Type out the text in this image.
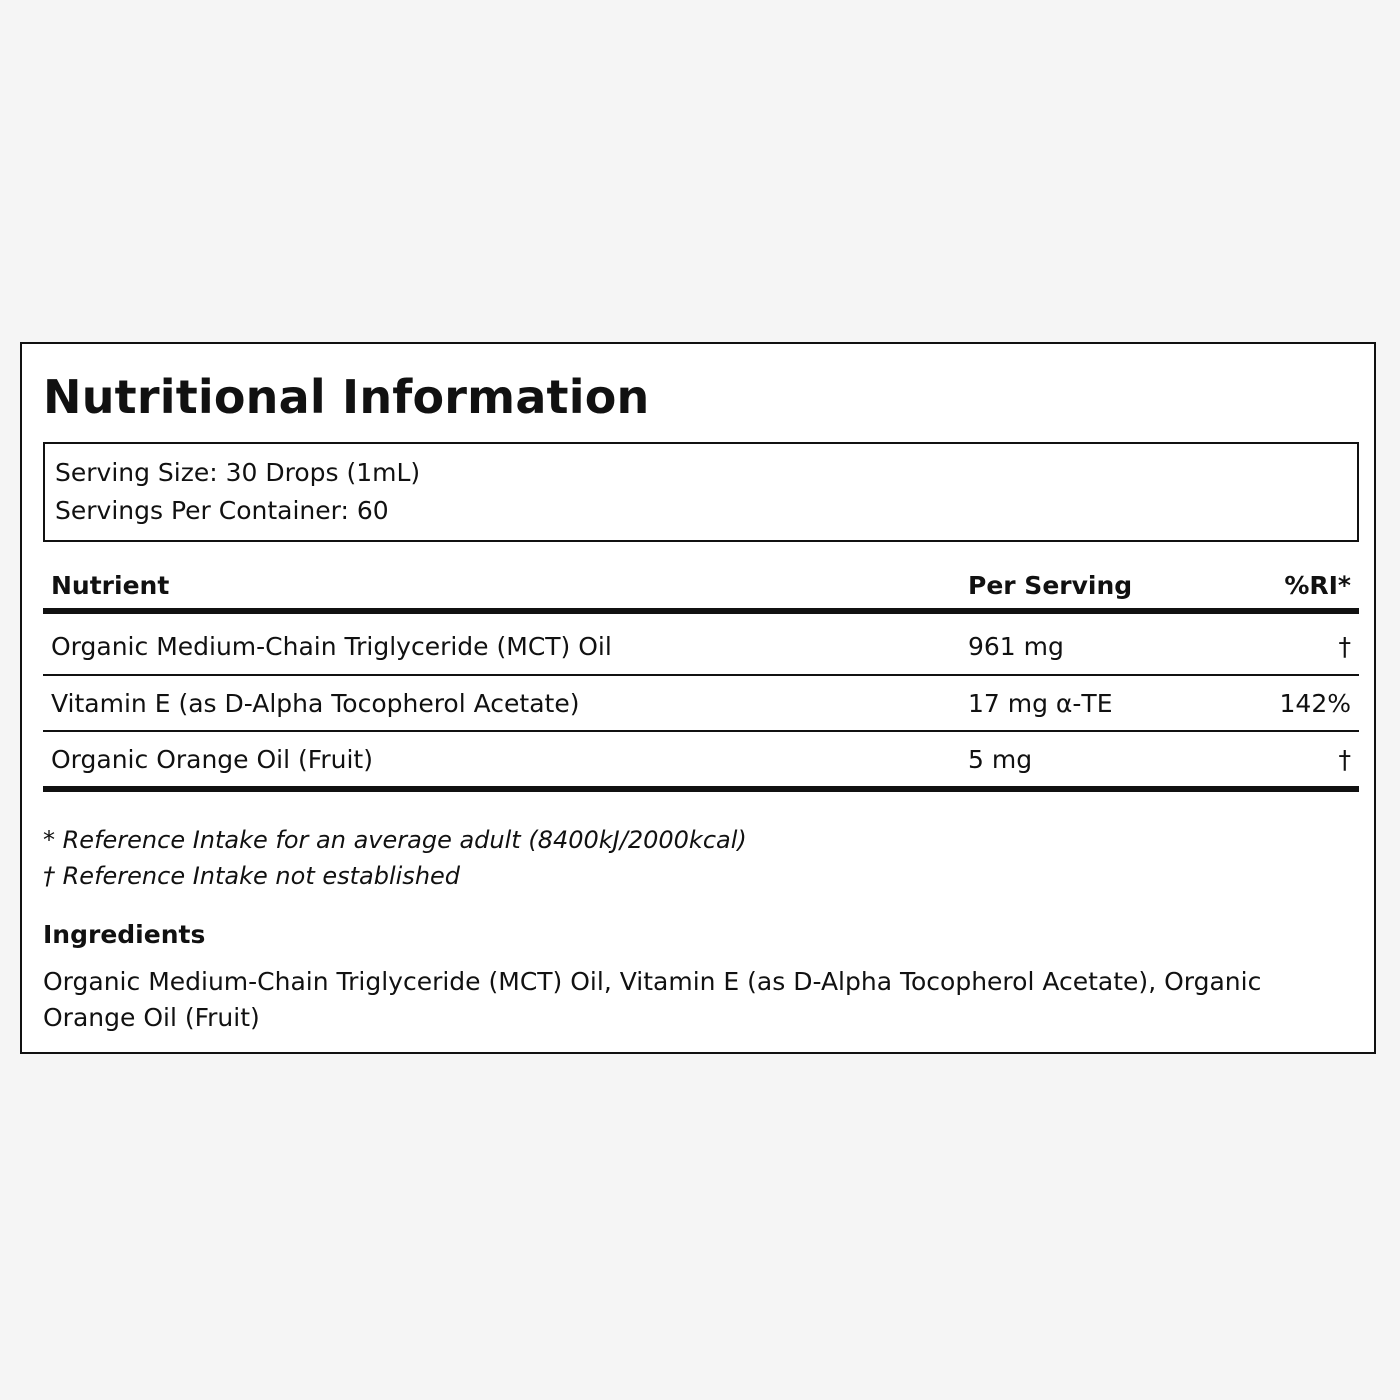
Nutritional Information
Serving Size: 30 Drops (1mL)
Servings Per Container: 60
Nutrient	Per Serving	%RI*
Organic Medium-Chain Triglyceride (MCT) Oil	961 mg	†
Vitamin E (as D-Alpha Tocopherol Acetate)	17 mg α-TE	142%
Organic Orange Oil (Fruit)	5 mg	†
* Reference Intake for an average adult (8400kJ/2000kcal)
† Reference Intake not established
Ingredients
Organic Medium-Chain Triglyceride (MCT) Oil, Vitamin E (as D-Alpha Tocopherol Acetate), Organic Orange Oil (Fruit)
